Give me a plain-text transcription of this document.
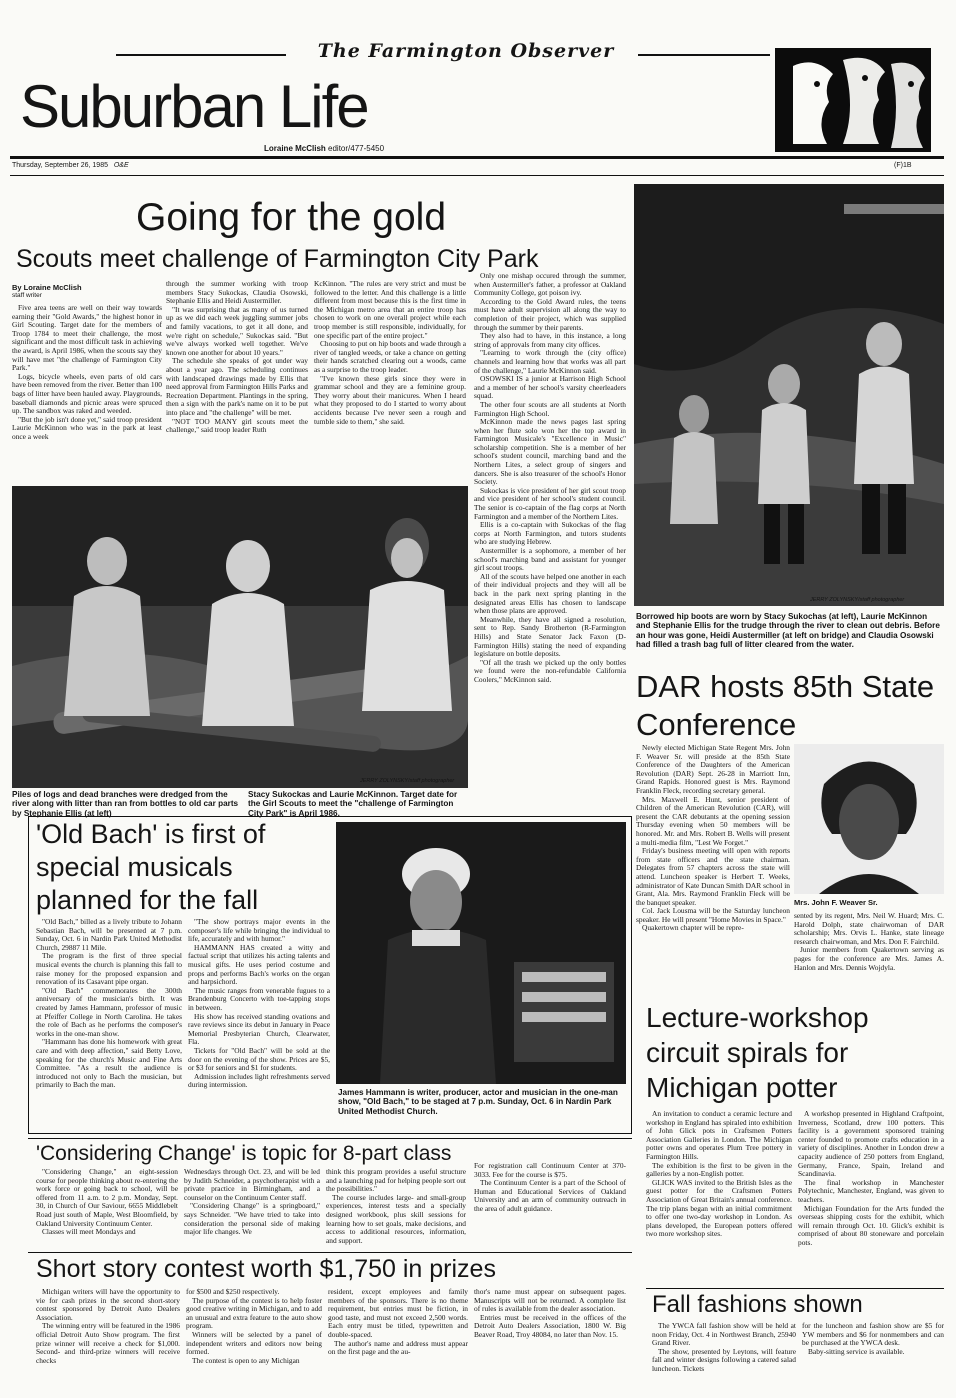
The Farmington Observer
Suburban Life
Loraine McClish editor/477-5450
Thursday, September 26, 1985 O&E	(F)1B
Going for the gold
Scouts meet challenge of Farmington City Park
By Loraine McClish
staff writer

Five area teens are well on their way towards earning their "Gold Awards," the highest honor in Girl Scouting. Target date for the members of Troop 1784 to meet their challenge, the most significant and the most difficult task in achieving the award, is April 1986, when the scouts say they will have met "the challenge of Farmington City Park."

Logs, bicycle wheels, even parts of old cars have been removed from the river. Better than 100 bags of litter have been hauled away. Playgrounds, baseball diamonds and picnic areas were spruced up. The sandbox was raked and weeded.

"But the job isn't done yet," said troop president Laurie McKinnon who was in the park at least once a week

through the summer working with troop members Stacy Sukockas, Claudia Osowski, Stephanie Ellis and Heidi Austermiller.

"It was surprising that as many of us turned up as we did each week juggling summer jobs and family vacations, to get it all done, and we're right on schedule," Sukockas said. "But we've always worked well together. We've known one another for about 10 years."

The schedule she speaks of got under way about a year ago. The scheduling continues with landscaped drawings made by Ellis that need approval from Farmington Hills Parks and Recreation Department. Plantings in the spring, then a sign with the park's name on it to be put into place and "the challenge" will be met.

"NOT TOO MANY girl scouts meet the challenge," said troop leader Ruth

KcKinnon. "The rules are very strict and must be followed to the letter. And this challenge is a little different from most because this is the first time in the Michigan metro area that an entire troop has chosen to work on one overall project while each troop member is still responsible, individually, for one specific part of the entire project."

Choosing to put on hip boots and wade through a river of tangled weeds, or take a chance on getting their hands scratched clearing out a woods, came as a surprise to the troop leader.

"I've known these girls since they were in grammar school and they are a feminine group. They worry about their manicures. When I heard what they proposed to do I started to worry about accidents because I've never seen a rough and tumble side to them," she said.

Only one mishap occured through the summer, when Austermiller's father, a professor at Oakland Community College, got poison ivy.

According to the Gold Award rules, the teens must have adult supervision all along the way to completion of their project, which was supplied through the summer by their parents.

They also had to have, in this instance, a long string of approvals from many city offices.

"Learning to work through the (city office) channels and learning how that works was all part of the challenge," Laurie McKinnon said.

OSOWSKI IS a junior at Harrison High School and a member of her school's varsity cheerleaders squad.

The other four scouts are all students at North Farmington High School.

McKinnon made the news pages last spring when her flute solo won her the top award in Farmington Musicale's "Excellence in Music" scholarship competition. She is a member of her school's student council, marching band and the Northern Lites, a select group of singers and dancers. She is also treasurer of the school's Honor Society.

Sukockas is vice president of her girl scout troop and vice president of her school's student council. The senior is co-captain of the flag corps at North Farmington and a member of the Northern Lites.

Ellis is a co-captain with Sukockas of the flag corps at North Farmington, and tutors students who are studying Hebrew.

Austermiller is a sophomore, a member of her school's marching band and assistant for younger girl scout troops.

All of the scouts have helped one another in each of their individual projects and they will all be back in the park next spring planting in the designated areas Ellis has chosen to landscape when those plans are approved.

Meanwhile, they have all signed a resolution, sent to Rep. Sandy Brotherton (R-Farmington Hills) and State Senator Jack Faxon (D-Farmington Hills) stating the need of expanding legislature on bottle deposits.

"Of all the trash we picked up the only bottles we found were the non-refundable California Coolers," McKinnon said.

JERRY ZOLYNSKY/staff photographer
Piles of logs and dead branches were dredged from the river along with litter than ran from bottles to old car parts by Stephanie Ellis (at left)
Stacy Sukockas and Laurie McKinnon. Target date for the Girl Scouts to meet the "challenge of Farmington City Park" is April 1986.
JERRY ZOLYNSKY/staff photographer
Borrowed hip boots are worn by Stacy Sukochas (at left), Laurie McKinnon and Stephanie Ellis for the trudge through the river to clean out debris. Before an hour was gone, Heidi Austermiller (at left on bridge) and Claudia Osowski had filled a trash bag full of litter cleared from the water.
DAR hosts 85th State Conference

Newly elected Michigan State Regent Mrs. John F. Weaver Sr. will preside at the 85th State Conference of the Daughters of the American Revolution (DAR) Sept. 26-28 in Marriott Inn, Grand Rapids. Honored guest is Mrs. Raymond Franklin Fleck, recording secretary general.

Mrs. Maxwell E. Hunt, senior president of Children of the American Revolution (CAR), will present the CAR debutants at the opening session Thursday evening when 50 members will be honored. Mr. and Mrs. Robert B. Wells will present a multi-media film, "Lest We Forget."

Friday's business meeting will open with reports from state officers and the state chairman. Delegates from 57 chapters across the state will attend. Luncheon speaker is Herbert T. Weeks, administrator of Kate Duncan Smith DAR school in Grant, Ala. Mrs. Raymond Franklin Fleck will be the banquet speaker.

Col. Jack Lousma will be the Saturday luncheon speaker. He will present "Home Movies in Space."

Quakertown chapter will be repre-

Mrs. John F. Weaver Sr.

sented by its regent, Mrs. Neil W. Huard; Mrs. C. Harold Dolph, state chairwoman of DAR scholarship; Mrs. Orvis L. Hanke, state lineage research chairwoman, and Mrs. Don F. Fairchild.

Junior members from Quakertown serving as pages for the conference are Mrs. James A. Hanlon and Mrs. Dennis Wojdyla.

'Old Bach' is first of special musicals planned for the fall

"Old Bach," billed as a lively tribute to Johann Sebastian Bach, will be presented at 7 p.m. Sunday, Oct. 6 in Nardin Park United Methodist Church, 29887 11 Mile.

The program is the first of three special musical events the church is planning this fall to raise money for the proposed expansion and renovation of its Casavant pipe organ.

"Old Bach" commemorates the 300th anniversary of the musician's birth. It was created by James Hammann, professor of music at Pfeiffer College in North Carolina. He takes the role of Bach as he performs the composer's works in the one-man show.

"Hammann has done his homework with great care and with deep affection," said Betty Love, speaking for the church's Music and Fine Arts Committee. "As a result the audience is introduced not only to Bach the musician, but primarily to Bach the man.

"The show portrays major events in the composer's life while bringing the individual to life, accurately and with humor."

HAMMANN HAS created a witty and factual script that utilizes his acting talents and musical gifts. He uses period costume and props and performs Bach's works on the organ and harpsichord.

The music ranges from venerable fugues to a Brandenburg Concerto with toe-tapping stops in between.

His show has received standing ovations and rave reviews since its debut in January in Peace Memorial Presbyterian Church, Clearwater, Fla.

Tickets for "Old Bach" will be sold at the door on the evening of the show. Prices are $5, or $3 for seniors and $1 for students.

Admission includes light refreshments served during intermission.

James Hammann is writer, producer, actor and musician in the one-man show, "Old Bach," to be staged at 7 p.m. Sunday, Oct. 6 in Nardin Park United Methodist Church.
Lecture-workshop circuit spirals for Michigan potter

An invitation to conduct a ceramic lecture and workshop in England has spiraled into exhibition of John Glick pots in Craftsmen Potters Association Galleries in London. The Michigan potter owns and operates Plum Tree pottery in Farmington Hills.

The exhibition is the first to be given in the galleries by a non-English potter.

GLICK WAS invited to the British Isles as the guest potter for the Craftsmen Potters Association of Great Britain's annual conference. The trip plans began with an initial commitment to offer one two-day workshop in London. As plans developed, the European potters offered two more workshop sites.

A workshop presented in Highland Craftpoint, Inverness, Scotland, drew 100 potters. This facility is a government sponsored training center founded to promote crafts education in a variety of disciplines. Another in London drew a capacity audience of 250 potters from England, Germany, France, Spain, Ireland and Scandinavia.

The final workshop in Manchester Polytechnic, Manchester, England, was given to teachers.

Michigan Foundation for the Arts funded the overseas shipping costs for the exhibit, which will remain through Oct. 10. Glick's exhibit is comprised of about 80 stoneware and porcelain pots.

'Considering Change' is topic for 8-part class

"Considering Change," an eight-session course for people thinking about re-entering the work force or going back to school, will be offered from 11 a.m. to 2 p.m. Monday, Sept. 30, in Church of Our Saviour, 6655 Middlebelt Road just south of Maple, West Bloomfield, by Oakland University Continuum Center.

Classes will meet Mondays and

Wednesdays through Oct. 23, and will be led by Judith Schneider, a psychotherapist with a private practice in Birmingham, and a counselor on the Continuum Center staff.

"Considering Change" is a springboard," says Schneider. "We have tried to take into consideration the personal side of making major life changes. We

think this program provides a useful structure and a launching pad for helping people sort out the possibilities."

The course includes large- and small-group experiences, interest tests and a specially designed workbook, plus skill sessions for learning how to set goals, make decisions, and access to additional resources, information, and support.

For registration call Continuum Center at 370-3033. Fee for the course is $75.

The Continuum Center is a part of the School of Human and Educational Services of Oakland University and an arm of community outreach in the area of adult guidance.

Short story contest worth $1,750 in prizes

Michigan writers will have the opportunity to vie for cash prizes in the second short-story contest sponsored by Detroit Auto Dealers Association.

The winning entry will be featured in the 1986 official Detroit Auto Show program. The first prize winner will receive a check for $1,000. Second- and third-prize winners will receive checks

for $500 and $250 respectively.

The purpose of the contest is to help foster good creative writing in Michigan, and to add an unusual and extra feature to the auto show program.

Winners will be selected by a panel of independent writers and editors now being formed.

The contest is open to any Michigan

resident, except employees and family members of the sponsors. There is no theme requirement, but entries must be fiction, in good taste, and must not exceed 2,500 words. Each entry must be titled, typewritten and double-spaced.

The author's name and address must appear on the first page and the au-

thor's name must appear on subsequent pages. Manuscripts will not be returned. A complete list of rules is available from the dealer association.

Entries must be received in the offices of the Detroit Auto Dealers Association, 1800 W. Big Beaver Road, Troy 48084, no later than Nov. 15.

Fall fashions shown

The YWCA fall fashion show will be held at noon Friday, Oct. 4 in Northwest Branch, 25940 Grand River.

The show, presented by Leytons, will feature fall and winter designs following a catered salad luncheon. Tickets

for the luncheon and fashion show are $5 for YW members and $6 for nonmembers and can be purchased at the YWCA desk.

Baby-sitting service is available.
